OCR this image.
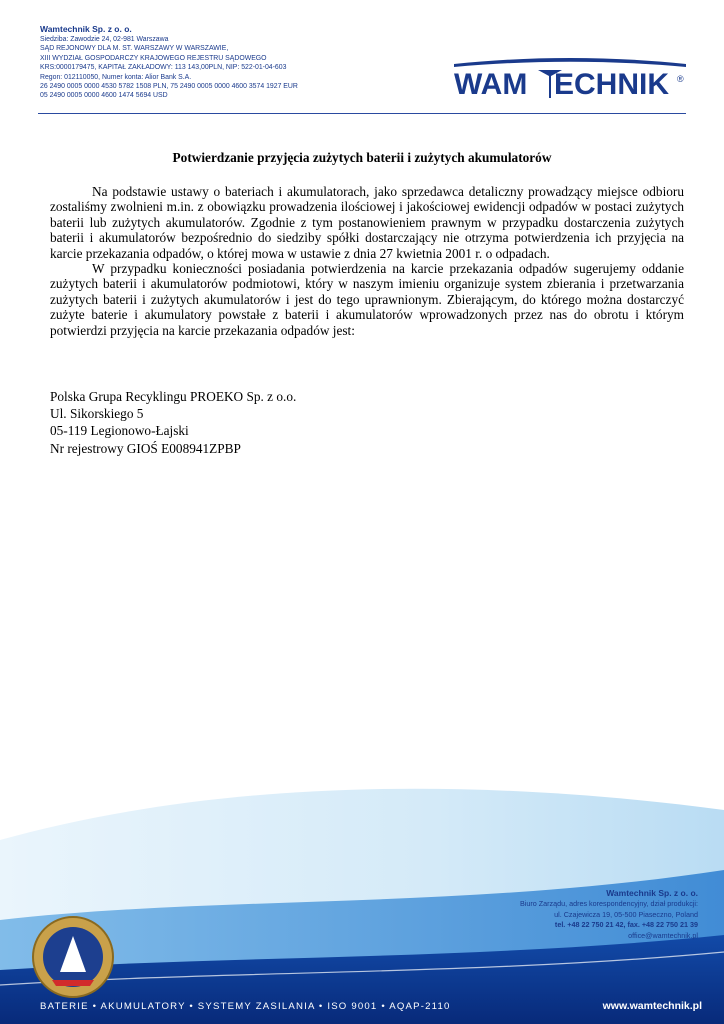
Wamtechnik Sp. z o. o.
Siedziba: Zawodzie 24, 02-981 Warszawa
SĄD REJONOWY DLA M. ST. WARSZAWY W WARSZAWIE,
XIII WYDZIAŁ GOSPODARCZY KRAJOWEGO REJESTRU SĄDOWEGO
KRS:0000179475, KAPITAŁ ZAKŁADOWY: 113 143,00PLN, NIP: 522-01-04-603
Regon: 012110050, Numer konta: Alior Bank S.A.
26 2490 0005 0000 4530 5782 1508 PLN, 75 2490 0005 0000 4600 3574 1927 EUR
05 2490 0005 0000 4600 1474 5694 USD	WAM ECHNIK ®
Potwierdzanie przyjęcia zużytych baterii i zużytych akumulatorów

Na podstawie ustawy o bateriach i akumulatorach, jako sprzedawca detaliczny prowadzący miejsce odbioru zostaliśmy zwolnieni m.in. z obowiązku prowadzenia ilościowej i jakościowej ewidencji odpadów w postaci zużytych baterii lub zużytych akumulatorów. Zgodnie z tym postanowieniem prawnym w przypadku dostarczenia zużytych baterii i akumulatorów bezpośrednio do siedziby spółki dostarczający nie otrzyma potwierdzenia ich przyjęcia na karcie przekazania odpadów, o której mowa w ustawie z dnia 27 kwietnia 2001 r. o odpadach.

W przypadku konieczności posiadania potwierdzenia na karcie przekazania odpadów sugerujemy oddanie zużytych baterii i akumulatorów podmiotowi, który w naszym imieniu organizuje system zbierania i przetwarzania zużytych baterii i zużytych akumulatorów i jest do tego uprawnionym. Zbierającym, do którego można dostarczyć zużyte baterie i akumulatory powstałe z baterii i akumulatorów wprowadzonych przez nas do obrotu i którym potwierdzi przyjęcia na karcie przekazania odpadów jest:

Polska Grupa Recyklingu PROEKO Sp. z o.o.
Ul. Sikorskiego 5
05-119 Legionowo-Łajski
Nr rejestrowy GIOŚ E008941ZPBP
Wamtechnik Sp. z o. o.
Biuro Zarządu, adres korespondencyjny, dział produkcji:
ul. Czajewicza 19, 05-500 Piaseczno, Poland
tel. +48 22 750 21 42, fax. +48 22 750 21 39
office@wamtechnik.pl
BATERIE • AKUMULATORY • SYSTEMY ZASILANIA • ISO 9001 • AQAP-2110	www.wamtechnik.pl
